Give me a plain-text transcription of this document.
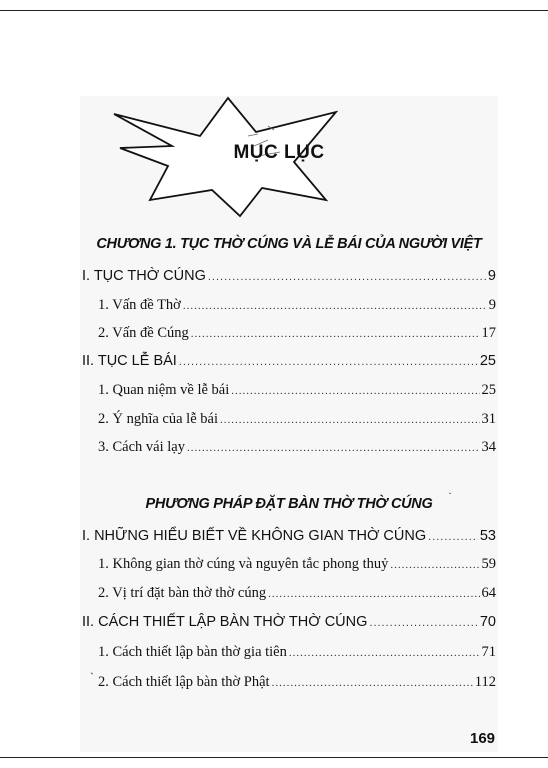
MỤC LỤC
CHƯƠNG 1. TỤC THỜ CÚNG VÀ LỄ BÁI CỦA NGƯỜI VIỆT
I. TỤC THỜ CÚNG .....	9
1. Vấn đề Thờ .....	9
2. Vấn đề Cúng .....	17
II. TỤC LỄ BÁI .....	25
1. Quan niệm về lễ bái .....	25
2. Ý nghĩa của lễ bái .....	31
3. Cách vái lạy .....	34
PHƯƠNG PHÁP ĐẶT BÀN THỜ THỜ CÚNG
I. NHỮNG HIỂU BIẾT VỀ KHÔNG GIAN THỜ CÚNG .....	53
1. Không gian thờ cúng và nguyên tắc phong thuỷ .....	59
2. Vị trí đặt bàn thờ thờ cúng .....	64
II. CÁCH THIẾT LẬP BÀN THỜ THỜ CÚNG .....	70
1. Cách thiết lập bàn thờ gia tiên .....	71
2. Cách thiết lập bàn thờ Phật .....	112
`
·
169
